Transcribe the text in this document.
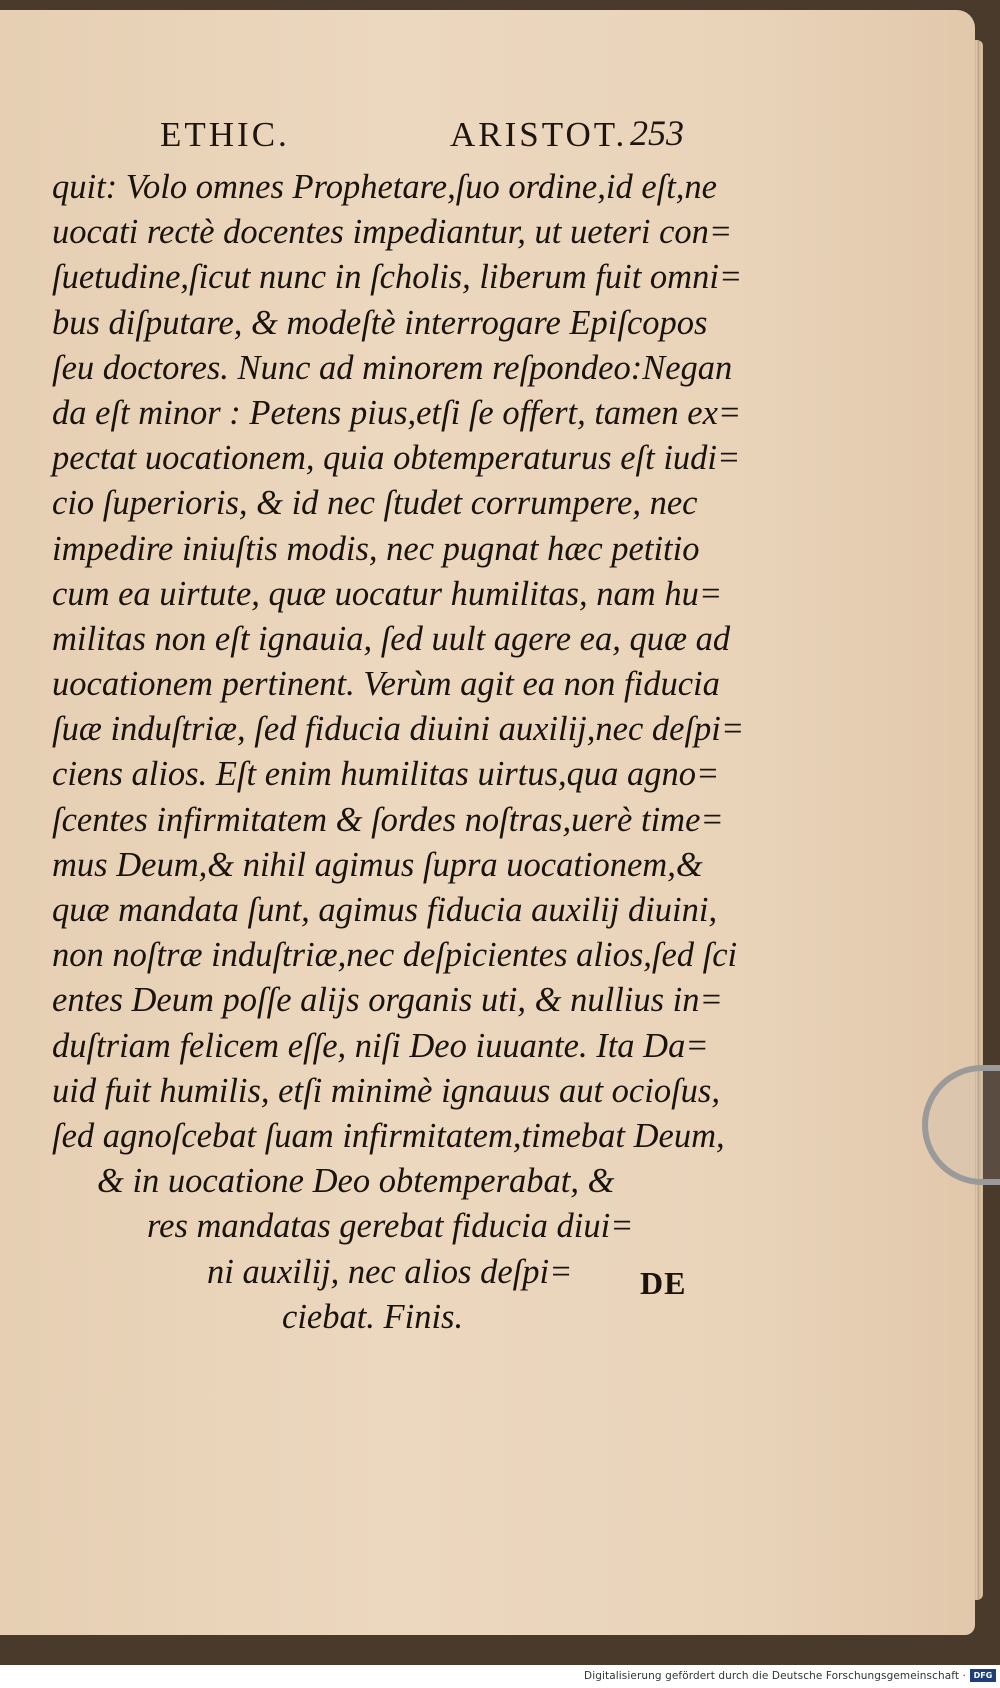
ETHIC.	ARISTOT. 253
quit: Volo omnes Prophetare,ſuo ordine,id eſt,ne
uocati rectè docentes impediantur, ut ueteri con=
ſuetudine,ſicut nunc in ſcholis, liberum fuit omni=
bus diſputare, & modeſtè interrogare Epiſcopos
ſeu doctores. Nunc ad minorem reſpondeo:Negan
da eſt minor : Petens pius,etſi ſe offert, tamen ex=
pectat uocationem, quia obtemperaturus eſt iudi=
cio ſuperioris, & id nec ſtudet corrumpere, nec
impedire iniuſtis modis, nec pugnat hæc petitio
cum ea uirtute, quæ uocatur humilitas, nam hu=
militas non eſt ignauia, ſed uult agere ea, quæ ad
uocationem pertinent. Verùm agit ea non fiducia
ſuæ induſtriæ, ſed fiducia diuini auxilij,nec deſpi=
ciens alios. Eſt enim humilitas uirtus,qua agno=
ſcentes infirmitatem & ſordes noſtras,uerè time=
mus Deum,& nihil agimus ſupra uocationem,&
quæ mandata ſunt, agimus fiducia auxilij diuini,
non noſtræ induſtriæ,nec deſpicientes alios,ſed ſci
entes Deum poſſe alijs organis uti, & nullius in=
duſtriam felicem eſſe, niſi Deo iuuante. Ita Da=
uid fuit humilis, etſi minimè ignauus aut ocioſus,
ſed agnoſcebat ſuam infirmitatem,timebat Deum,
& in uocatione Deo obtemperabat, &
res mandatas gerebat fiducia diui=
ni auxilij, nec alios deſpi=
ciebat. Finis.
DE
Digitalisierung gefördert durch die Deutsche Forschungsgemeinschaft · DFG
